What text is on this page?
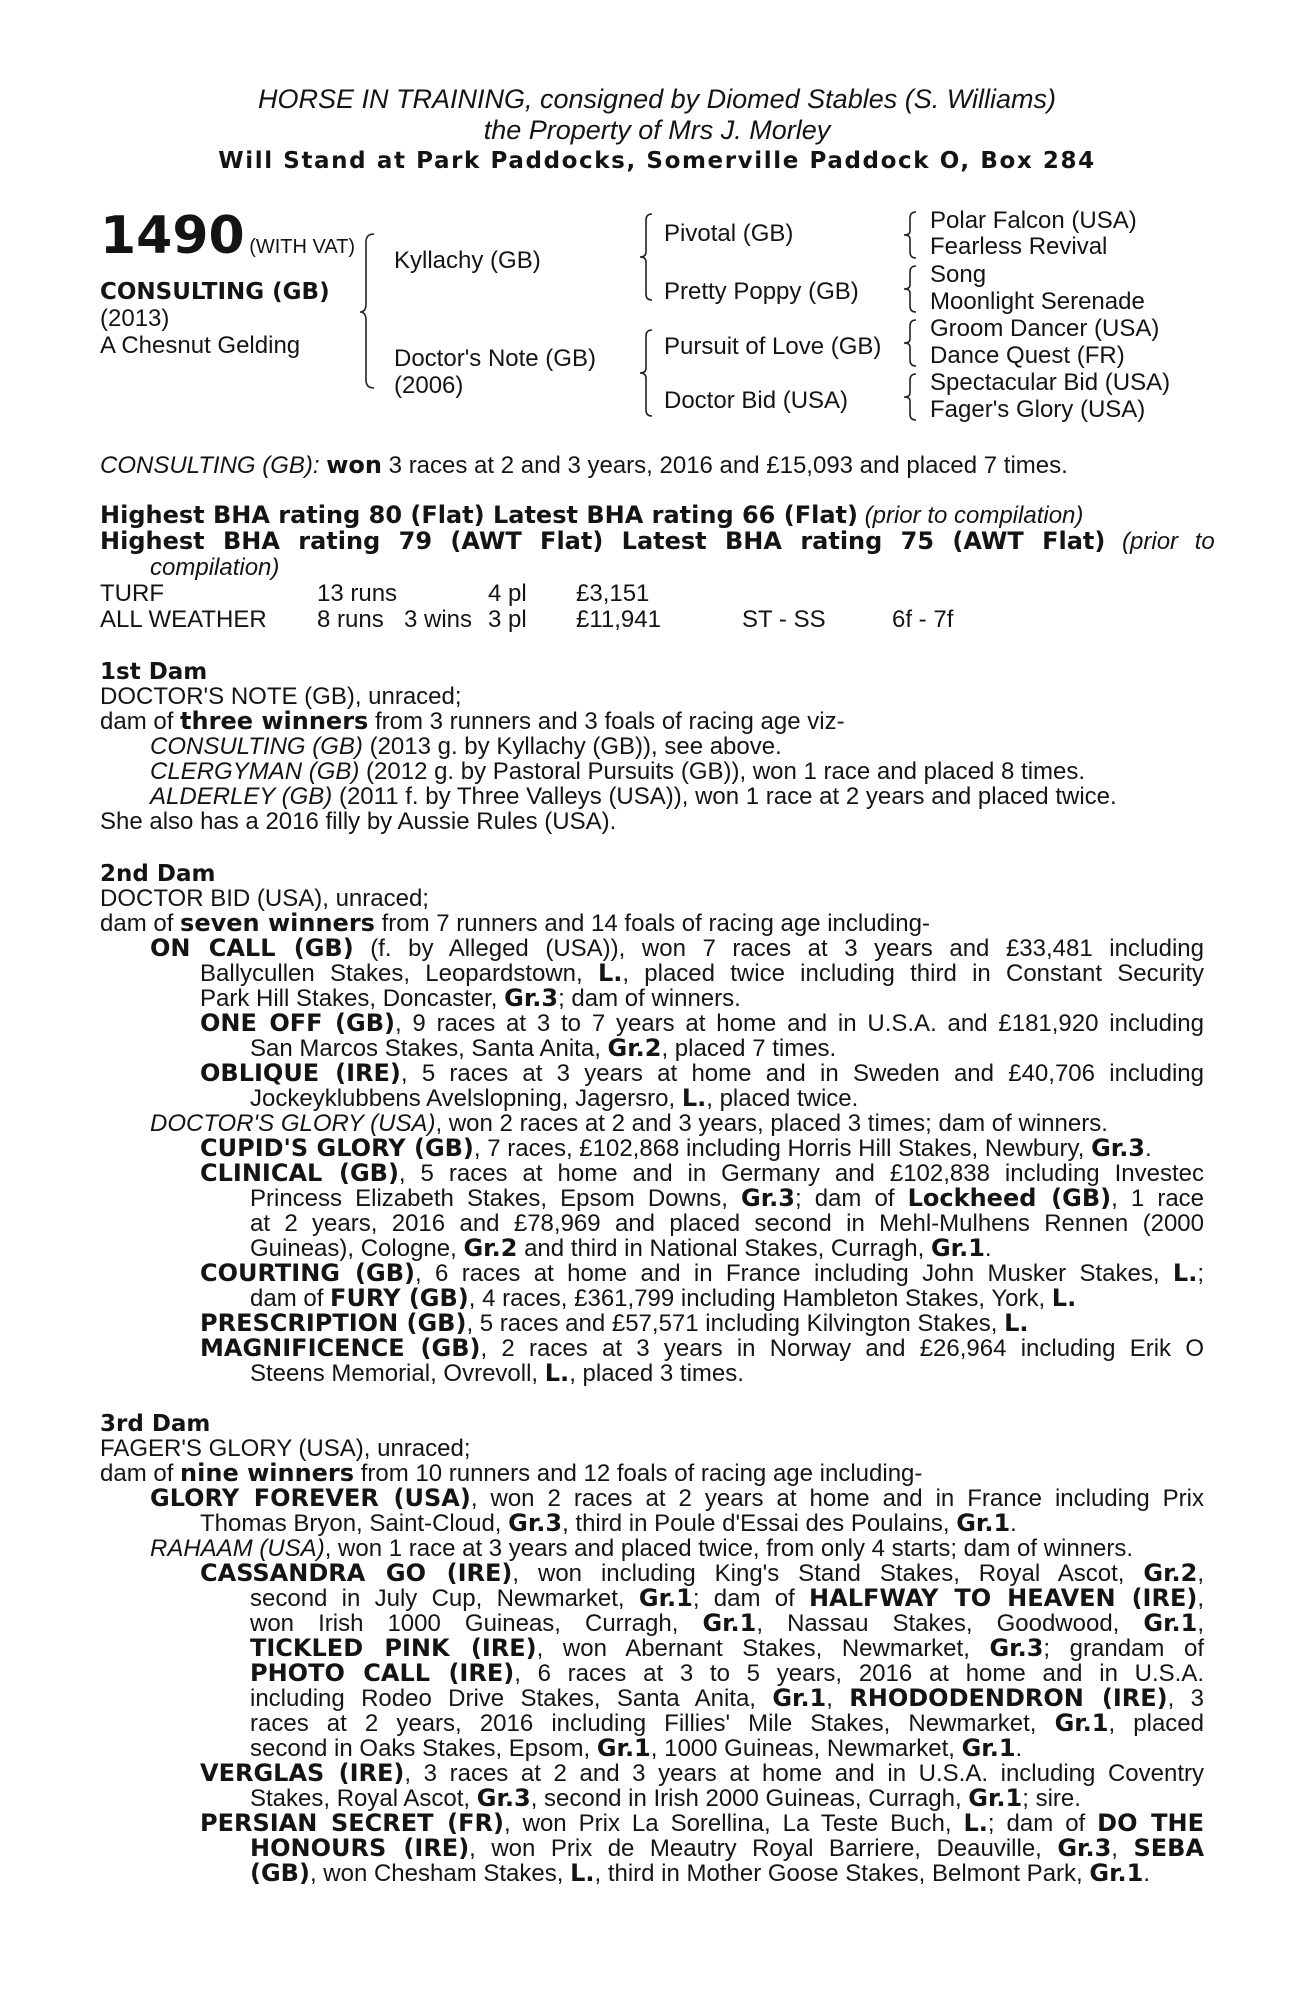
HORSE IN TRAINING, consigned by Diomed Stables (S. Williams)
the Property of Mrs J. Morley
Will Stand at Park Paddocks, Somerville Paddock O, Box 284
1490 (WITH VAT)
CONSULTING (GB)
(2013)
A Chesnut Gelding
Kyllachy (GB)
Doctor's Note (GB)
(2006)
Pivotal (GB)
Pretty Poppy (GB)
Pursuit of Love (GB)
Doctor Bid (USA)
Polar Falcon (USA)
Fearless Revival
Song
Moonlight Serenade
Groom Dancer (USA)
Dance Quest (FR)
Spectacular Bid (USA)
Fager's Glory (USA)
CONSULTING (GB): won 3 races at 2 and 3 years, 2016 and £15,093 and placed 7 times.
Highest BHA rating 80 (Flat) Latest BHA rating 66 (Flat) (prior to compilation)
Highest BHA rating 79 (AWT Flat) Latest BHA rating 75 (AWT Flat) (prior to
compilation)
TURF	13 runs	4 pl £3,151
ALL WEATHER 8 runs 3 wins 3 pl £11,941	ST - SS	6f - 7f
1st Dam
DOCTOR'S NOTE (GB), unraced;
dam of three winners from 3 runners and 3 foals of racing age viz-
CONSULTING (GB) (2013 g. by Kyllachy (GB)), see above.
CLERGYMAN (GB) (2012 g. by Pastoral Pursuits (GB)), won 1 race and placed 8 times.
ALDERLEY (GB) (2011 f. by Three Valleys (USA)), won 1 race at 2 years and placed twice.
She also has a 2016 filly by Aussie Rules (USA).
2nd Dam
DOCTOR BID (USA), unraced;
dam of seven winners from 7 runners and 14 foals of racing age including-
ON CALL (GB) (f. by Alleged (USA)), won 7 races at 3 years and £33,481 including
Ballycullen Stakes, Leopardstown, L., placed twice including third in Constant Security
Park Hill Stakes, Doncaster, Gr.3; dam of winners.
ONE OFF (GB), 9 races at 3 to 7 years at home and in U.S.A. and £181,920 including
San Marcos Stakes, Santa Anita, Gr.2, placed 7 times.
OBLIQUE (IRE), 5 races at 3 years at home and in Sweden and £40,706 including
Jockeyklubbens Avelslopning, Jagersro, L., placed twice.
DOCTOR'S GLORY (USA), won 2 races at 2 and 3 years, placed 3 times; dam of winners.
CUPID'S GLORY (GB), 7 races, £102,868 including Horris Hill Stakes, Newbury, Gr.3.
CLINICAL (GB), 5 races at home and in Germany and £102,838 including Investec
Princess Elizabeth Stakes, Epsom Downs, Gr.3; dam of Lockheed (GB), 1 race
at 2 years, 2016 and £78,969 and placed second in Mehl-Mulhens Rennen (2000
Guineas), Cologne, Gr.2 and third in National Stakes, Curragh, Gr.1.
COURTING (GB), 6 races at home and in France including John Musker Stakes, L.;
dam of FURY (GB), 4 races, £361,799 including Hambleton Stakes, York, L.
PRESCRIPTION (GB), 5 races and £57,571 including Kilvington Stakes, L.
MAGNIFICENCE (GB), 2 races at 3 years in Norway and £26,964 including Erik O
Steens Memorial, Ovrevoll, L., placed 3 times.
3rd Dam
FAGER'S GLORY (USA), unraced;
dam of nine winners from 10 runners and 12 foals of racing age including-
GLORY FOREVER (USA), won 2 races at 2 years at home and in France including Prix
Thomas Bryon, Saint-Cloud, Gr.3, third in Poule d'Essai des Poulains, Gr.1.
RAHAAM (USA), won 1 race at 3 years and placed twice, from only 4 starts; dam of winners.
CASSANDRA GO (IRE), won including King's Stand Stakes, Royal Ascot, Gr.2,
second in July Cup, Newmarket, Gr.1; dam of HALFWAY TO HEAVEN (IRE),
won Irish 1000 Guineas, Curragh, Gr.1, Nassau Stakes, Goodwood, Gr.1,
TICKLED PINK (IRE), won Abernant Stakes, Newmarket, Gr.3; grandam of
PHOTO CALL (IRE), 6 races at 3 to 5 years, 2016 at home and in U.S.A.
including Rodeo Drive Stakes, Santa Anita, Gr.1, RHODODENDRON (IRE), 3
races at 2 years, 2016 including Fillies' Mile Stakes, Newmarket, Gr.1, placed
second in Oaks Stakes, Epsom, Gr.1, 1000 Guineas, Newmarket, Gr.1.
VERGLAS (IRE), 3 races at 2 and 3 years at home and in U.S.A. including Coventry
Stakes, Royal Ascot, Gr.3, second in Irish 2000 Guineas, Curragh, Gr.1; sire.
PERSIAN SECRET (FR), won Prix La Sorellina, La Teste Buch, L.; dam of DO THE
HONOURS (IRE), won Prix de Meautry Royal Barriere, Deauville, Gr.3, SEBA
(GB), won Chesham Stakes, L., third in Mother Goose Stakes, Belmont Park, Gr.1.
